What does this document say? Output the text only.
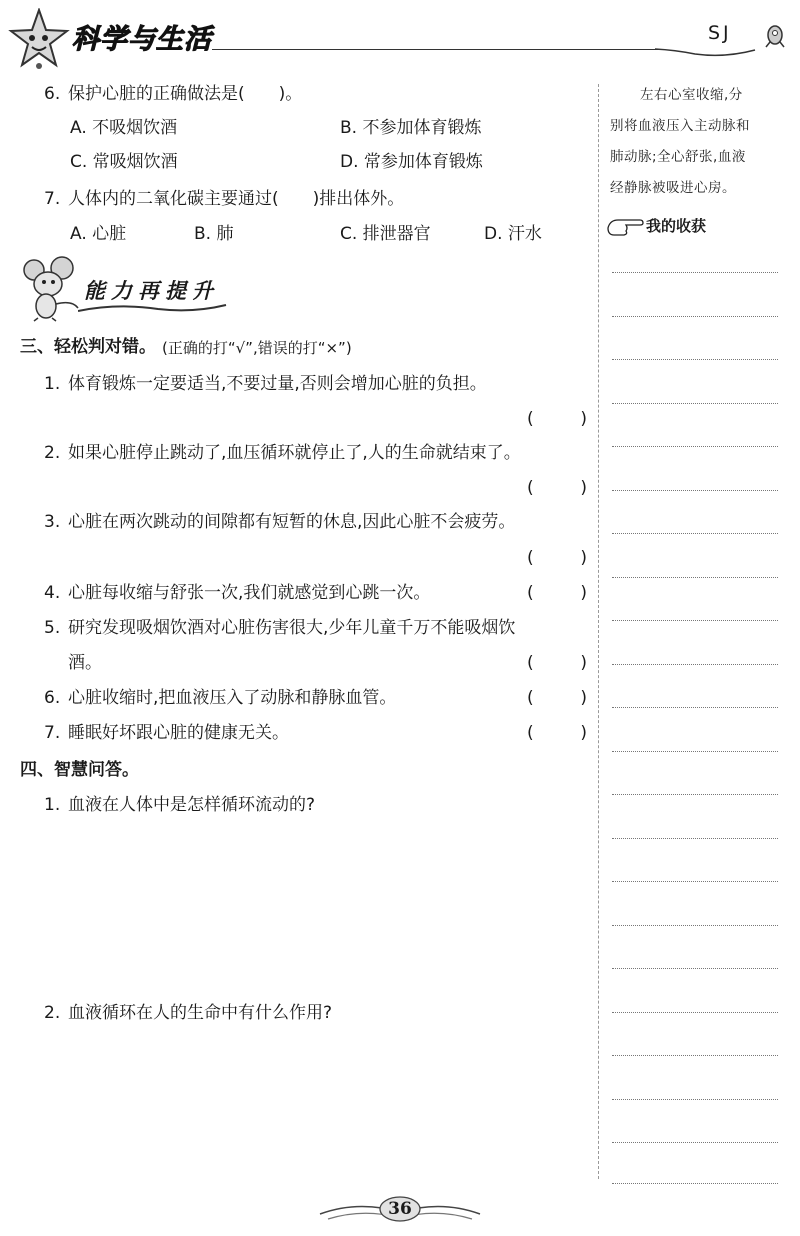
科学与生活	SJ
6. 保护心脏的正确做法是(　　)。
A. 不吸烟饮酒	B. 不参加体育锻炼
C. 常吸烟饮酒	D. 常参加体育锻炼
7. 人体内的二氧化碳主要通过(　　)排出体外。
A. 心脏	B. 肺	C. 排泄器官	D. 汗水
能力再提升
三、轻松判对错。 (正确的打“√”,错误的打“×”)
1. 体育锻炼一定要适当,不要过量,否则会增加心脏的负担。
(	)
2. 如果心脏停止跳动了,血压循环就停止了,人的生命就结束了。
(	)
3. 心脏在两次跳动的间隙都有短暂的休息,因此心脏不会疲劳。
(	)
4. 心脏每收缩与舒张一次,我们就感觉到心跳一次。	(	)
5. 研究发现吸烟饮酒对心脏伤害很大,少年儿童千万不能吸烟饮
酒。	(	)
6. 心脏收缩时,把血液压入了动脉和静脉血管。	(	)
7. 睡眠好坏跟心脏的健康无关。	(	)
四、智慧问答。
1. 血液在人体中是怎样循环流动的?
2. 血液循环在人的生命中有什么作用?
左右心室收缩,分
别将血液压入主动脉和
肺动脉;全心舒张,血液
经静脉被吸进心房。
我的收获
36
